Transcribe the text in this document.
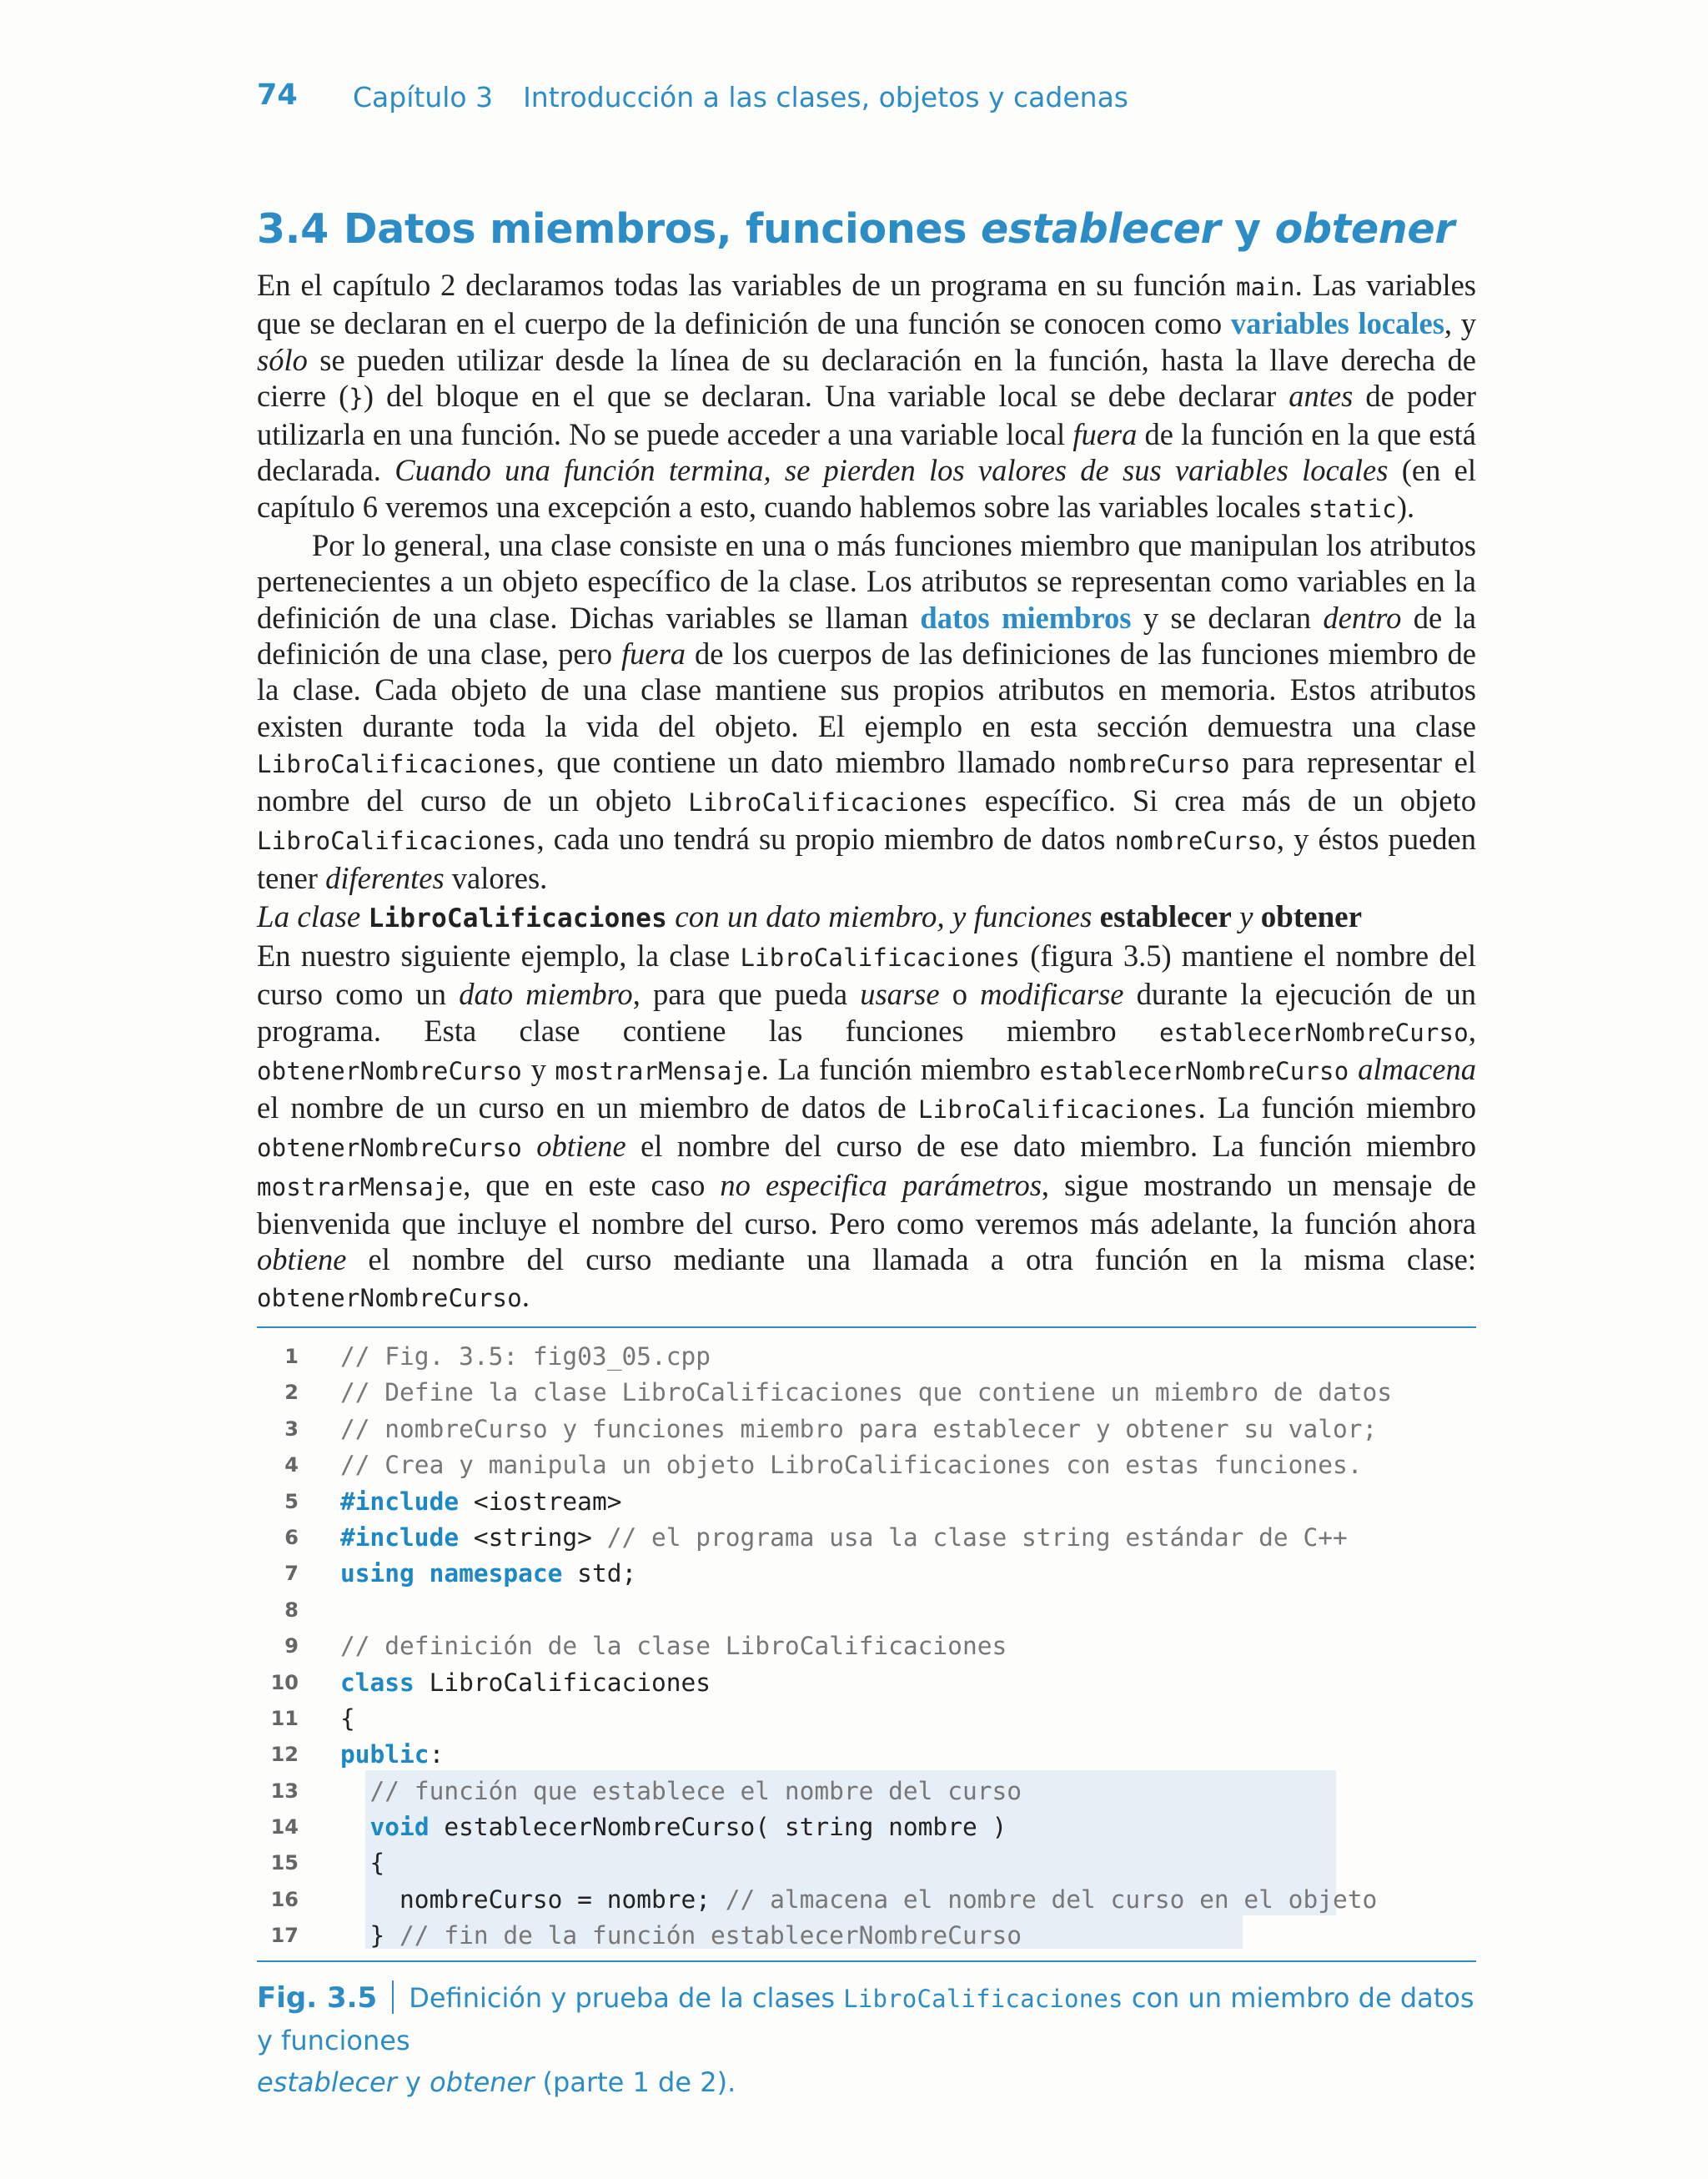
74 Capítulo 3 Introducción a las clases, objetos y cadenas
3.4 Datos miembros, funciones establecer y obtener

En el capítulo 2 declaramos todas las variables de un programa en su función main. Las variables que se declaran en el cuerpo de la definición de una función se conocen como variables locales, y sólo se pueden utilizar desde la línea de su declaración en la función, hasta la llave derecha de cierre (}) del bloque en el que se declaran. Una variable local se debe declarar antes de poder utilizarla en una función. No se puede acceder a una variable local fuera de la función en la que está declarada. Cuando una función termina, se pierden los valores de sus variables locales (en el capítulo 6 veremos una excepción a esto, cuando hablemos sobre las variables locales static).

Por lo general, una clase consiste en una o más funciones miembro que manipulan los atributos pertenecientes a un objeto específico de la clase. Los atributos se representan como variables en la definición de una clase. Dichas variables se llaman datos miembros y se declaran dentro de la definición de una clase, pero fuera de los cuerpos de las definiciones de las funciones miembro de la clase. Cada objeto de una clase mantiene sus propios atributos en memoria. Estos atributos existen durante toda la vida del objeto. El ejemplo en esta sección demuestra una clase LibroCalificaciones, que contiene un dato miembro llamado nombreCurso para representar el nombre del curso de un objeto LibroCalificaciones específico. Si crea más de un objeto LibroCalificaciones, cada uno tendrá su propio miembro de datos nombreCurso, y éstos pueden tener diferentes valores.

La clase LibroCalificaciones con un dato miembro, y funciones establecer y obtener

En nuestro siguiente ejemplo, la clase LibroCalificaciones (figura 3.5) mantiene el nombre del curso como un dato miembro, para que pueda usarse o modificarse durante la ejecución de un programa. Esta clase contiene las funciones miembro establecerNombreCurso, obtenerNombreCurso y mostrarMensaje. La función miembro establecerNombreCurso almacena el nombre de un curso en un miembro de datos de LibroCalificaciones. La función miembro obtenerNombreCurso obtiene el nombre del curso de ese dato miembro. La función miembro mostrarMensaje, que en este caso no especifica parámetros, sigue mostrando un mensaje de bienvenida que incluye el nombre del curso. Pero como veremos más adelante, la función ahora obtiene el nombre del curso mediante una llamada a otra función en la misma clase: obtenerNombreCurso.

1 // Fig. 3.5: fig03_05.cpp
2 // Define la clase LibroCalificaciones que contiene un miembro de datos
3 // nombreCurso y funciones miembro para establecer y obtener su valor;
4 // Crea y manipula un objeto LibroCalificaciones con estas funciones.
5 #include <iostream>
6 #include <string> // el programa usa la clase string estándar de C++
7 using namespace std;
8
9 // definición de la clase LibroCalificaciones
10 class LibroCalificaciones
11 {
12 public:
13	// función que establece el nombre del curso
14	void establecerNombreCurso( string nombre )
15 {
16 nombreCurso = nombre; // almacena el nombre del curso en el objeto
17 } // fin de la función establecerNombreCurso
Fig. 3.5 Definición y prueba de la clases LibroCalificaciones con un miembro de datos y funciones
establecer y obtener (parte 1 de 2).
